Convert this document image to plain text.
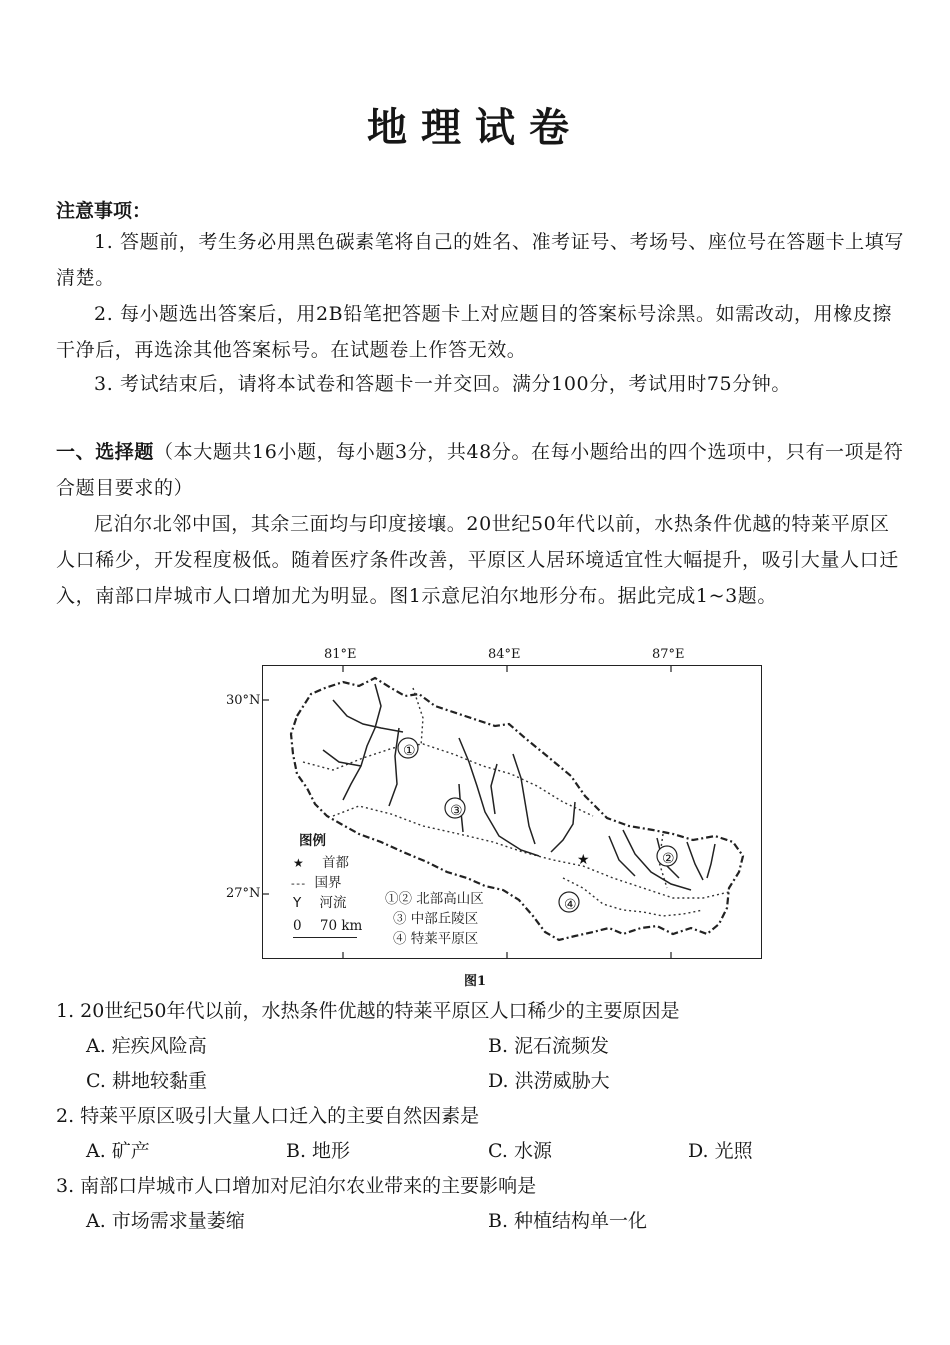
地理试卷
注意事项：
1. 答题前，考生务必用黑色碳素笔将自己的姓名、准考证号、考场号、座位号在答题卡上填写清楚。
2. 每小题选出答案后，用2B铅笔把答题卡上对应题目的答案标号涂黑。如需改动，用橡皮擦干净后，再选涂其他答案标号。在试题卷上作答无效。
3. 考试结束后，请将本试卷和答题卡一并交回。满分100分，考试用时75分钟。
一、选择题（本大题共16小题，每小题3分，共48分。在每小题给出的四个选项中，只有一项是符合题目要求的）
尼泊尔北邻中国，其余三面均与印度接壤。20世纪50年代以前，水热条件优越的特莱平原区人口稀少，开发程度极低。随着医疗条件改善，平原区人居环境适宜性大幅提升，吸引大量人口迁入，南部口岸城市人口增加尤为明显。图1示意尼泊尔地形分布。据此完成1~3题。
81°E	84°E	87°E
30°N
27°N
★
①
③
②
④
图例
★ 首都
- - - 国界
Y 河流
0 70 km
①② 北部高山区
③ 中部丘陵区
④ 特莱平原区
图1
1. 20世纪50年代以前，水热条件优越的特莱平原区人口稀少的主要原因是
A. 疟疾风险高	B. 泥石流频发
C. 耕地较黏重	D. 洪涝威胁大
2. 特莱平原区吸引大量人口迁入的主要自然因素是
A. 矿产	B. 地形	C. 水源	D. 光照
3. 南部口岸城市人口增加对尼泊尔农业带来的主要影响是
A. 市场需求量萎缩	B. 种植结构单一化
